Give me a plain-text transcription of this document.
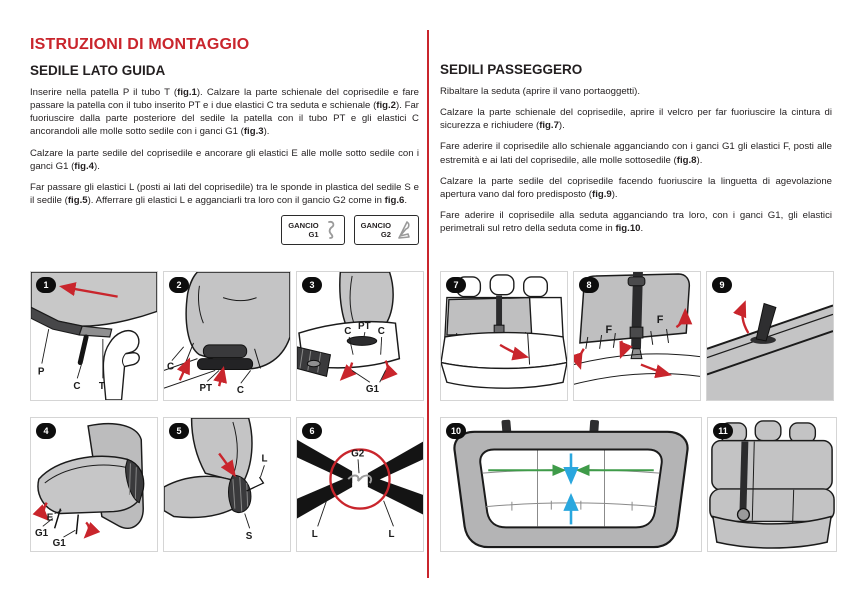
ISTRUZIONI DI MONTAGGIO
SEDILE LATO GUIDA

Inserire nella patella P il tubo T (fig.1). Calzare la parte schienale del coprisedile e fare passare la patella con il tubo inserito PT e i due elastici C tra seduta e schienale (fig.2). Far fuoriuscire dalla parte posteriore del sedile la patella con il tubo PT e gli elastici C ancorandoli alle molle sotto sedile con i ganci G1 (fig.3).

Calzare la parte sedile del coprisedile e ancorare gli elastici E alle molle sotto sedile con i ganci G1 (fig.4).

Far passare gli elastici L (posti ai lati del coprisedile) tra le sponde in plastica del sedile S e il sedile (fig.5). Afferrare gli elastici L e agganciarli tra loro con il gancio G2 come in fig.6.

GANCIO
G1
GANCIO
G2
SEDILI PASSEGGERO

Ribaltare la seduta (aprire il vano portaoggetti).

Calzare la parte schienale del coprisedile, aprire il velcro per far fuoriuscire la cintura di sicurezza e richiudere (fig.7).

Fare aderire il coprisedile allo schienale agganciando con i ganci G1 gli elastici F, posti alle estremità e ai lati del coprisedile, alle molle sottosedile (fig.8).

Calzare la parte sedile del coprisedile facendo fuoriuscire la linguetta di agevolazione apertura vano dal foro predisposto (fig.9).

Fare aderire il coprisedile alla seduta agganciando tra loro, con i ganci G1, gli elastici perimetrali sul retro della seduta come in fig.10.

1
P
C T
2
C
PT C
3
C PT C
G1
4
G1
E
G1
5
L
S
6
G2
L	L
7	8
F
F
9
10	11
